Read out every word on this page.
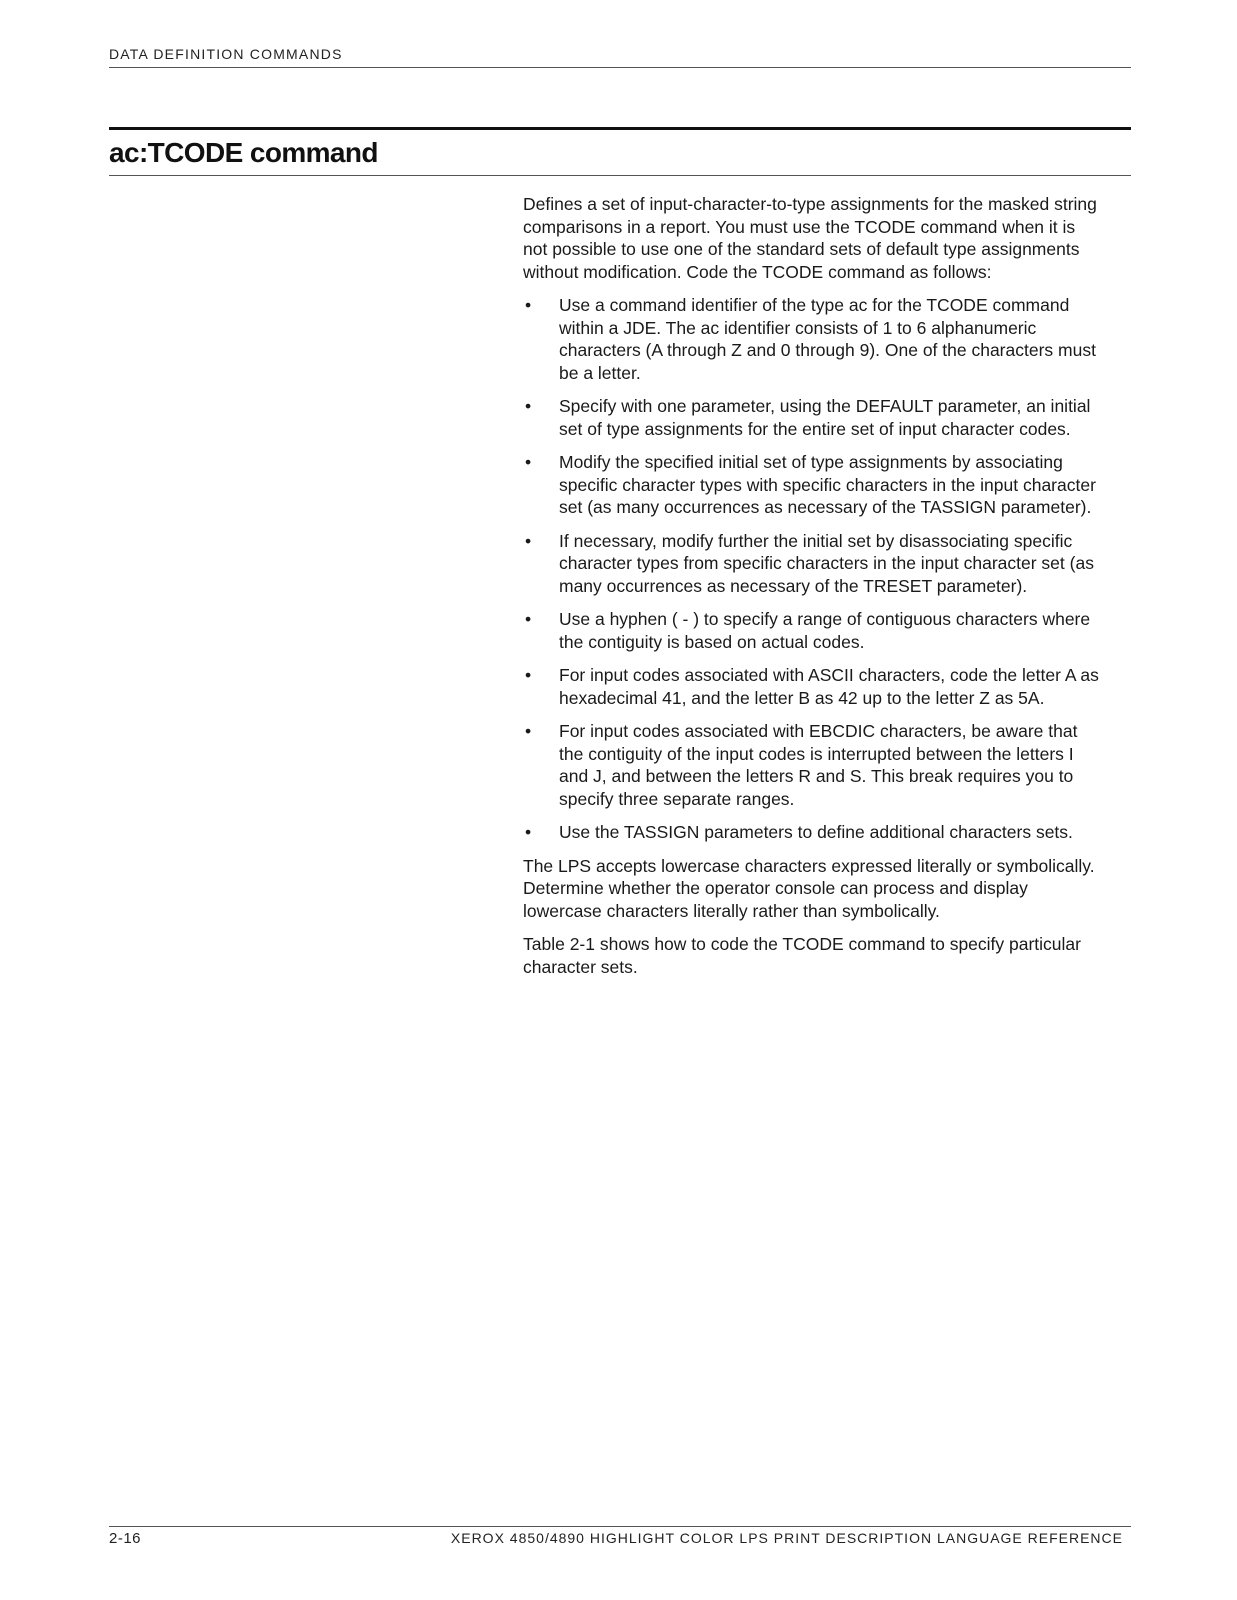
DATA DEFINITION COMMANDS
ac:TCODE command

Defines a set of input-character-to-type assignments for the masked string comparisons in a report. You must use the TCODE command when it is not possible to use one of the standard sets of default type assignments without modification. Code the TCODE command as follows:

• Use a command identifier of the type ac for the TCODE command within a JDE. The ac identifier consists of 1 to 6 alphanumeric characters (A through Z and 0 through 9). One of the characters must be a letter.
• Specify with one parameter, using the DEFAULT parameter, an initial set of type assignments for the entire set of input character codes.
• Modify the specified initial set of type assignments by associating specific character types with specific characters in the input character set (as many occurrences as necessary of the TASSIGN parameter).
• If necessary, modify further the initial set by disassociating specific character types from specific characters in the input character set (as many occurrences as necessary of the TRESET parameter).
• Use a hyphen ( - ) to specify a range of contiguous characters where the contiguity is based on actual codes.
• For input codes associated with ASCII characters, code the letter A as hexadecimal 41, and the letter B as 42 up to the letter Z as 5A.
• For input codes associated with EBCDIC characters, be aware that the contiguity of the input codes is interrupted between the letters I and J, and between the letters R and S. This break requires you to specify three separate ranges.
• Use the TASSIGN parameters to define additional characters sets.

The LPS accepts lowercase characters expressed literally or symbolically. Determine whether the operator console can process and display lowercase characters literally rather than symbolically.

Table 2-1 shows how to code the TCODE command to specify particular character sets.

2-16	XEROX 4850/4890 HIGHLIGHT COLOR LPS PRINT DESCRIPTION LANGUAGE REFERENCE
